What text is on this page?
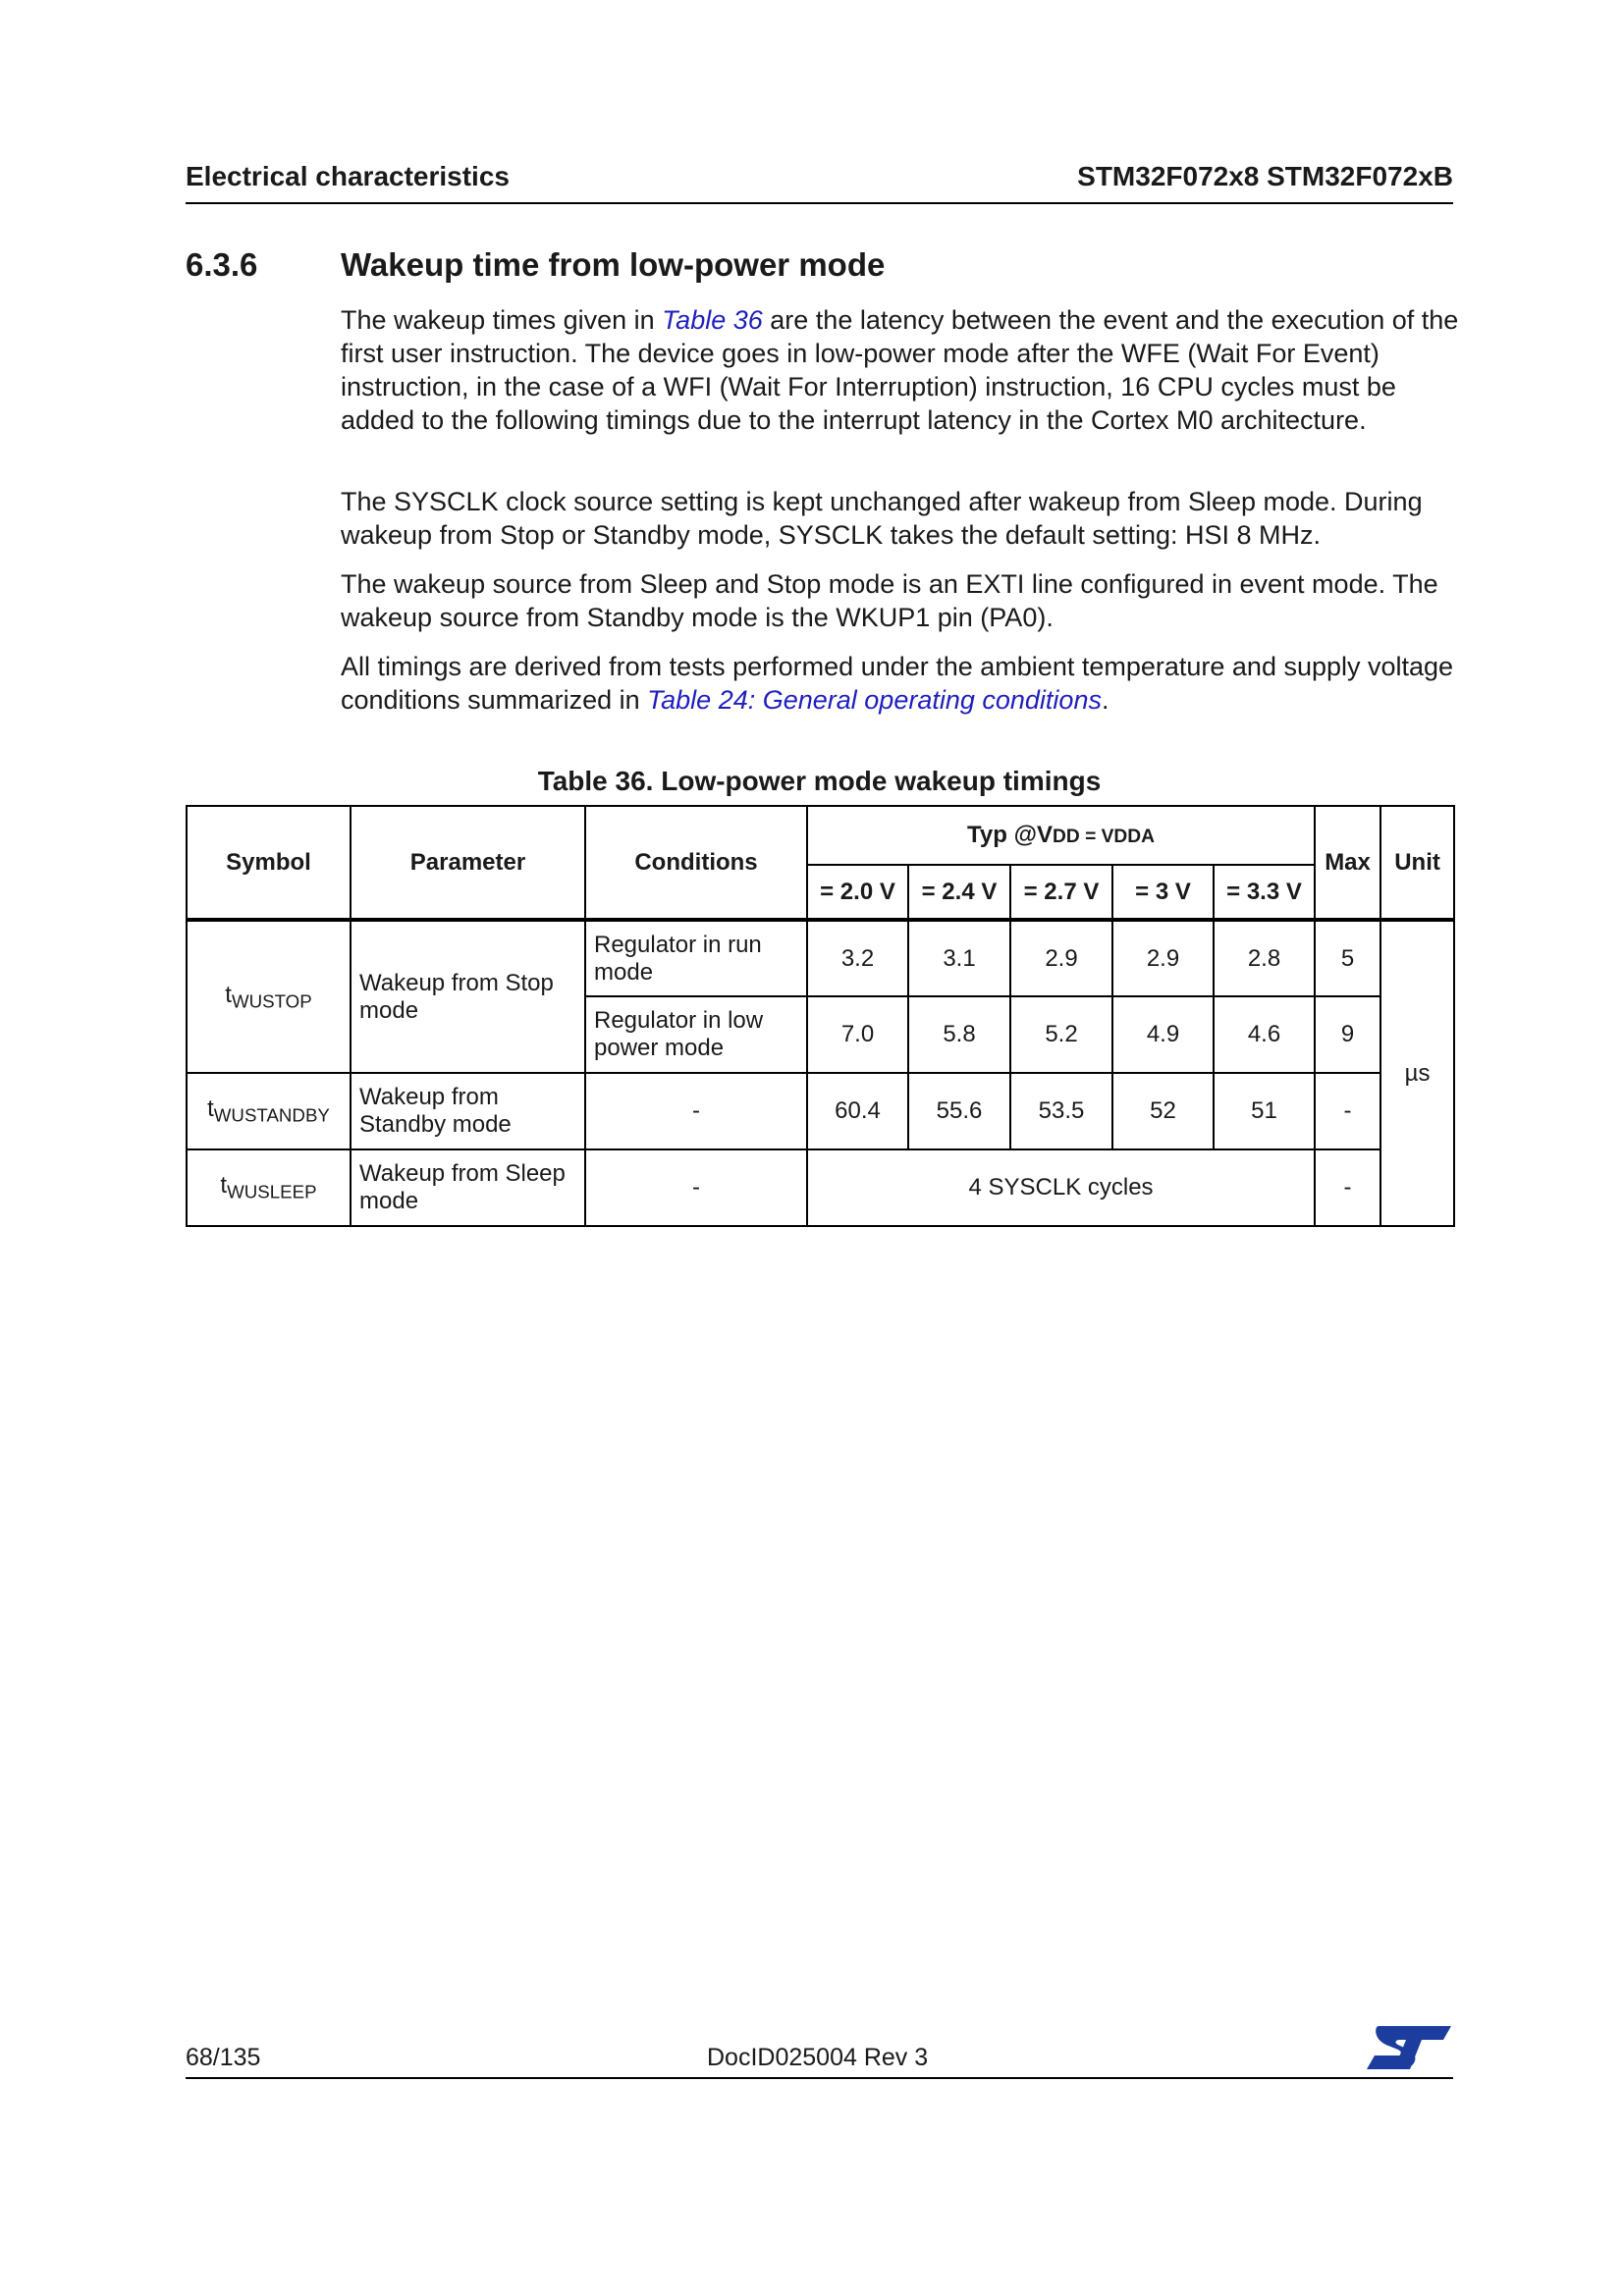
Electrical characteristics	STM32F072x8 STM32F072xB
6.3.6	Wakeup time from low-power mode

The wakeup times given in Table 36 are the latency between the event and the execution of the first user instruction. The device goes in low-power mode after the WFE (Wait For Event) instruction, in the case of a WFI (Wait For Interruption) instruction, 16 CPU cycles must be added to the following timings due to the interrupt latency in the Cortex M0 architecture.

The SYSCLK clock source setting is kept unchanged after wakeup from Sleep mode. During wakeup from Stop or Standby mode, SYSCLK takes the default setting: HSI 8 MHz.

The wakeup source from Sleep and Stop mode is an EXTI line configured in event mode. The wakeup source from Standby mode is the WKUP1 pin (PA0).

All timings are derived from tests performed under the ambient temperature and supply voltage conditions summarized in Table 24: General operating conditions.

Table 36. Low-power mode wakeup timings
Symbol	Parameter	Conditions	Typ @VDD = VDDA					Max	Unit
			= 2.0 V	= 2.4 V	= 2.7 V	= 3 V	= 3.3 V		
$t_{WUSTOP}$	Wakeup from Stop mode	Regulator in run mode	3.2	3.1	2.9	2.9	2.8	5	µs
		Regulator in low power mode	7.0	5.8	5.2	4.9	4.6	9	
$t_{WUSTANDBY}$	Wakeup from Standby mode	-	60.4	55.6	53.5	52	51	-	
$t_{WUSLEEP}$	Wakeup from Sleep mode	-	4 SYSCLK cycles					-	
68/135	DocID025004 Rev 3
